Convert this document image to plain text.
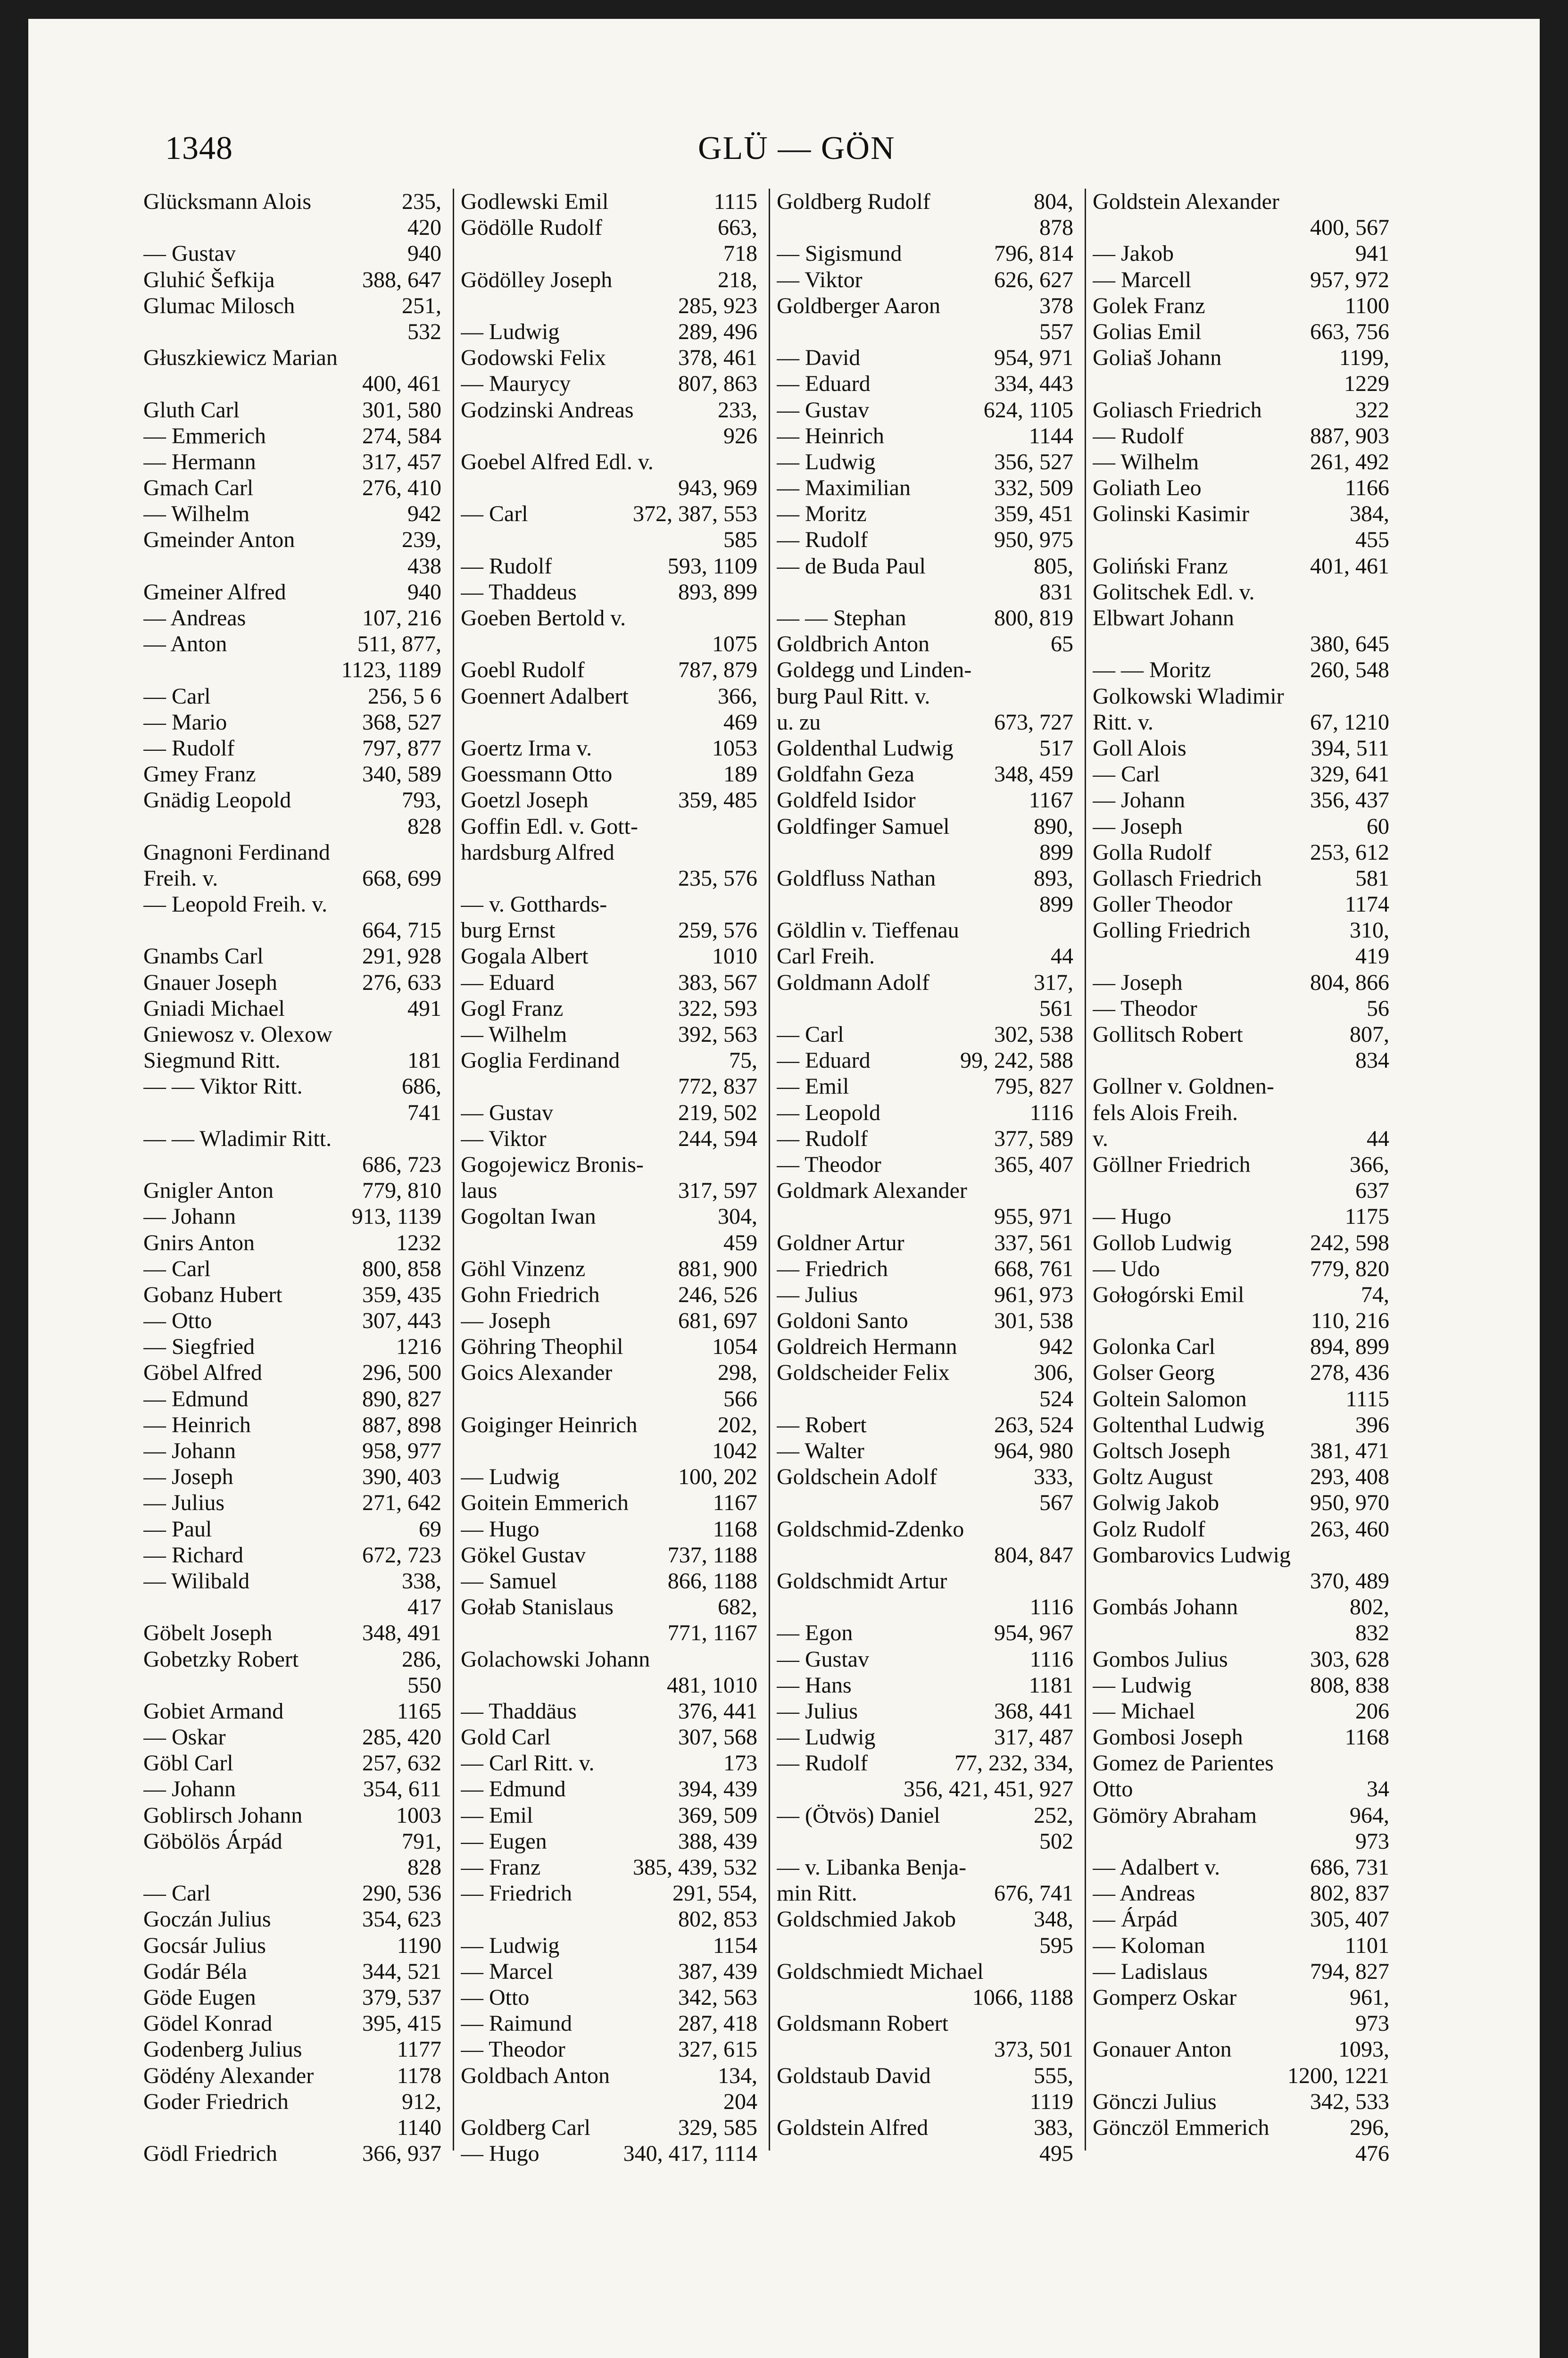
1348	GLÜ — GÖN
Glücksmann Alois	235,
420
— Gustav	940
Gluhić Šefkija	388, 647
Glumac Milosch	251,
532
Głuszkiewicz Marian
400, 461
Gluth Carl	301, 580
— Emmerich	274, 584
— Hermann	317, 457
Gmach Carl	276, 410
— Wilhelm	942
Gmeinder Anton	239,
438
Gmeiner Alfred	940
— Andreas	107, 216
— Anton	511, 877,
1123, 1189
— Carl	256, 5 6
— Mario	368, 527
— Rudolf	797, 877
Gmey Franz	340, 589
Gnädig Leopold	793,
828
Gnagnoni Ferdinand
Freih. v.	668, 699
— Leopold Freih. v.
664, 715
Gnambs Carl	291, 928
Gnauer Joseph	276, 633
Gniadi Michael	491
Gniewosz v. Olexow
Siegmund Ritt.	181
— — Viktor Ritt.	686,
741
— — Wladimir Ritt.
686, 723
Gnigler Anton	779, 810
— Johann	913, 1139
Gnirs Anton	1232
— Carl	800, 858
Gobanz Hubert	359, 435
— Otto	307, 443
— Siegfried	1216
Göbel Alfred	296, 500
— Edmund	890, 827
— Heinrich	887, 898
— Johann	958, 977
— Joseph	390, 403
— Julius	271, 642
— Paul	69
— Richard	672, 723
— Wilibald	338,
417
Göbelt Joseph	348, 491
Gobetzky Robert	286,
550
Gobiet Armand	1165
— Oskar	285, 420
Göbl Carl	257, 632
— Johann	354, 611
Goblirsch Johann	1003
Göbölös Árpád	791,
828
— Carl	290, 536
Goczán Julius	354, 623
Gocsár Julius	1190
Godár Béla	344, 521
Göde Eugen	379, 537
Gödel Konrad	395, 415
Godenberg Julius	1177
Gödény Alexander	1178
Goder Friedrich	912,
1140
Gödl Friedrich	366, 937
Godlewski Emil	1115
Gödölle Rudolf	663,
718
Gödölley Joseph	218,
285, 923
— Ludwig	289, 496
Godowski Felix	378, 461
— Maurycy	807, 863
Godzinski Andreas	233,
926
Goebel Alfred Edl. v.
943, 969
— Carl	372, 387, 553
585
— Rudolf	593, 1109
— Thaddeus	893, 899
Goeben Bertold v.
1075
Goebl Rudolf	787, 879
Goennert Adalbert	366,
469
Goertz Irma v.	1053
Goessmann Otto	189
Goetzl Joseph	359, 485
Goffin Edl. v. Gott-
hardsburg Alfred
235, 576
— v. Gotthards-
burg Ernst	259, 576
Gogala Albert	1010
— Eduard	383, 567
Gogl Franz	322, 593
— Wilhelm	392, 563
Goglia Ferdinand	75,
772, 837
— Gustav	219, 502
— Viktor	244, 594
Gogojewicz Bronis-
laus	317, 597
Gogoltan Iwan	304,
459
Göhl Vinzenz	881, 900
Gohn Friedrich	246, 526
— Joseph	681, 697
Göhring Theophil	1054
Goics Alexander	298,
566
Goiginger Heinrich	202,
1042
— Ludwig	100, 202
Goitein Emmerich	1167
— Hugo	1168
Gökel Gustav	737, 1188
— Samuel	866, 1188
Gołab Stanislaus	682,
771, 1167
Golachowski Johann
481, 1010
— Thaddäus	376, 441
Gold Carl	307, 568
— Carl Ritt. v.	173
— Edmund	394, 439
— Emil	369, 509
— Eugen	388, 439
— Franz	385, 439, 532
— Friedrich	291, 554,
802, 853
— Ludwig	1154
— Marcel	387, 439
— Otto	342, 563
— Raimund	287, 418
— Theodor	327, 615
Goldbach Anton	134,
204
Goldberg Carl	329, 585
— Hugo	340, 417, 1114
Goldberg Rudolf	804,
878
— Sigismund	796, 814
— Viktor	626, 627
Goldberger Aaron	378
557
— David	954, 971
— Eduard	334, 443
— Gustav	624, 1105
— Heinrich	1144
— Ludwig	356, 527
— Maximilian	332, 509
— Moritz	359, 451
— Rudolf	950, 975
— de Buda Paul	805,
831
— — Stephan	800, 819
Goldbrich Anton	65
Goldegg und Linden-
burg Paul Ritt. v.
u. zu	673, 727
Goldenthal Ludwig	517
Goldfahn Geza	348, 459
Goldfeld Isidor	1167
Goldfinger Samuel	890,
899
Goldfluss Nathan	893,
899
Göldlin v. Tieffenau
Carl Freih.	44
Goldmann Adolf	317,
561
— Carl	302, 538
— Eduard	99, 242, 588
— Emil	795, 827
— Leopold	1116
— Rudolf	377, 589
— Theodor	365, 407
Goldmark Alexander
955, 971
Goldner Artur	337, 561
— Friedrich	668, 761
— Julius	961, 973
Goldoni Santo	301, 538
Goldreich Hermann	942
Goldscheider Felix	306,
524
— Robert	263, 524
— Walter	964, 980
Goldschein Adolf	333,
567
Goldschmid-Zdenko
804, 847
Goldschmidt Artur
1116
— Egon	954, 967
— Gustav	1116
— Hans	1181
— Julius	368, 441
— Ludwig	317, 487
— Rudolf	77, 232, 334,
356, 421, 451, 927
— (Ötvös) Daniel	252,
502
— v. Libanka Benja-
min Ritt.	676, 741
Goldschmied Jakob	348,
595
Goldschmiedt Michael
1066, 1188
Goldsmann Robert
373, 501
Goldstaub David	555,
1119
Goldstein Alfred	383,
495
Goldstein Alexander
400, 567
— Jakob	941
— Marcell	957, 972
Golek Franz	1100
Golias Emil	663, 756
Goliaš Johann	1199,
1229
Goliasch Friedrich	322
— Rudolf	887, 903
— Wilhelm	261, 492
Goliath Leo	1166
Golinski Kasimir	384,
455
Goliński Franz	401, 461
Golitschek Edl. v.
Elbwart Johann
380, 645
— — Moritz	260, 548
Golkowski Wladimir
Ritt. v.	67, 1210
Goll Alois	394, 511
— Carl	329, 641
— Johann	356, 437
— Joseph	60
Golla Rudolf	253, 612
Gollasch Friedrich	581
Goller Theodor	1174
Golling Friedrich	310,
419
— Joseph	804, 866
— Theodor	56
Gollitsch Robert	807,
834
Gollner v. Goldnen-
fels Alois Freih.
v.	44
Göllner Friedrich	366,
637
— Hugo	1175
Gollob Ludwig	242, 598
— Udo	779, 820
Gołogórski Emil	74,
110, 216
Golonka Carl	894, 899
Golser Georg	278, 436
Goltein Salomon	1115
Goltenthal Ludwig	396
Goltsch Joseph	381, 471
Goltz August	293, 408
Golwig Jakob	950, 970
Golz Rudolf	263, 460
Gombarovics Ludwig
370, 489
Gombás Johann	802,
832
Gombos Julius	303, 628
— Ludwig	808, 838
— Michael	206
Gombosi Joseph	1168
Gomez de Parientes
Otto	34
Gömöry Abraham	964,
973
— Adalbert v.	686, 731
— Andreas	802, 837
— Árpád	305, 407
— Koloman	1101
— Ladislaus	794, 827
Gomperz Oskar	961,
973
Gonauer Anton	1093,
1200, 1221
Gönczi Julius	342, 533
Gönczöl Emmerich	296,
476
